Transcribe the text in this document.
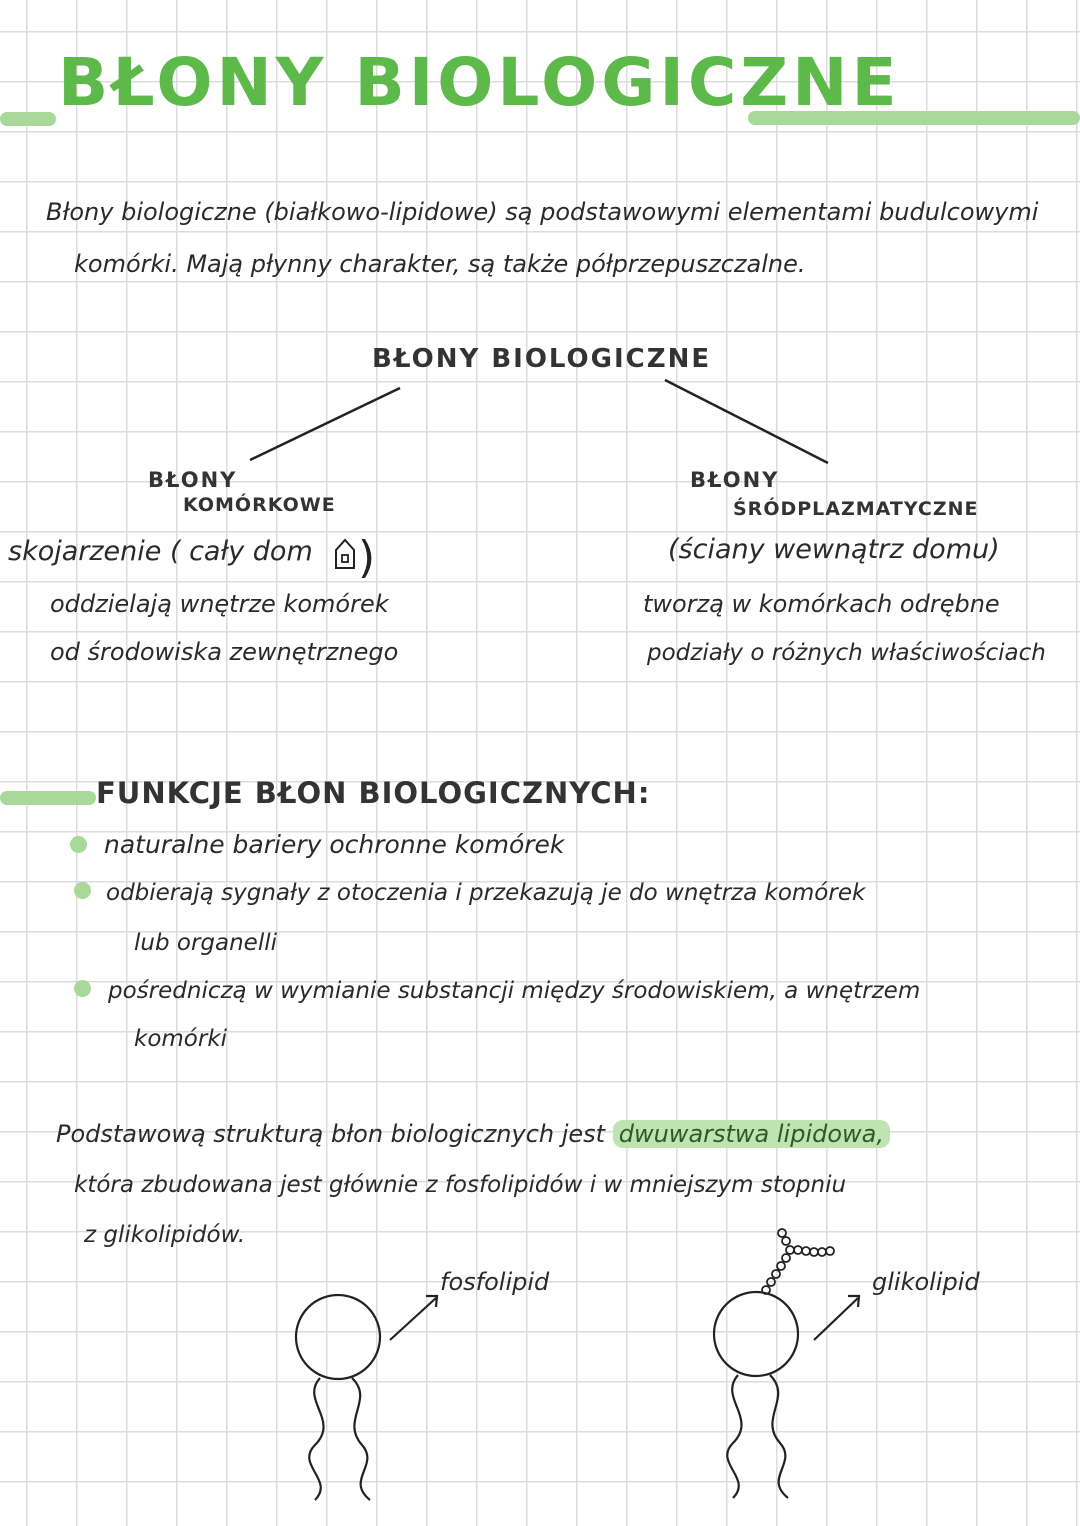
BŁONY BIOLOGICZNE
Błony biologiczne (białkowo-lipidowe) są podstawowymi elementami budulcowymi
komórki. Mają płynny charakter, są także półprzepuszczalne.
)
BŁONY BIOLOGICZNE
BŁONY
KOMÓRKOWE
skojarzenie ( cały dom
oddzielają wnętrze komórek
od środowiska zewnętrznego
BŁONY
ŚRÓDPLAZMATYCZNE
(ściany wewnątrz domu)
tworzą w komórkach odrębne
podziały o różnych właściwościach
FUNKCJE BŁON BIOLOGICZNYCH:
naturalne bariery ochronne komórek
odbierają sygnały z otoczenia i przekazują je do wnętrza komórek
lub organelli
pośredniczą w wymianie substancji między środowiskiem, a wnętrzem
komórki
Podstawową strukturą błon biologicznych jest dwuwarstwa lipidowa,
która zbudowana jest głównie z fosfolipidów i w mniejszym stopniu
z glikolipidów.
fosfolipid	glikolipid
